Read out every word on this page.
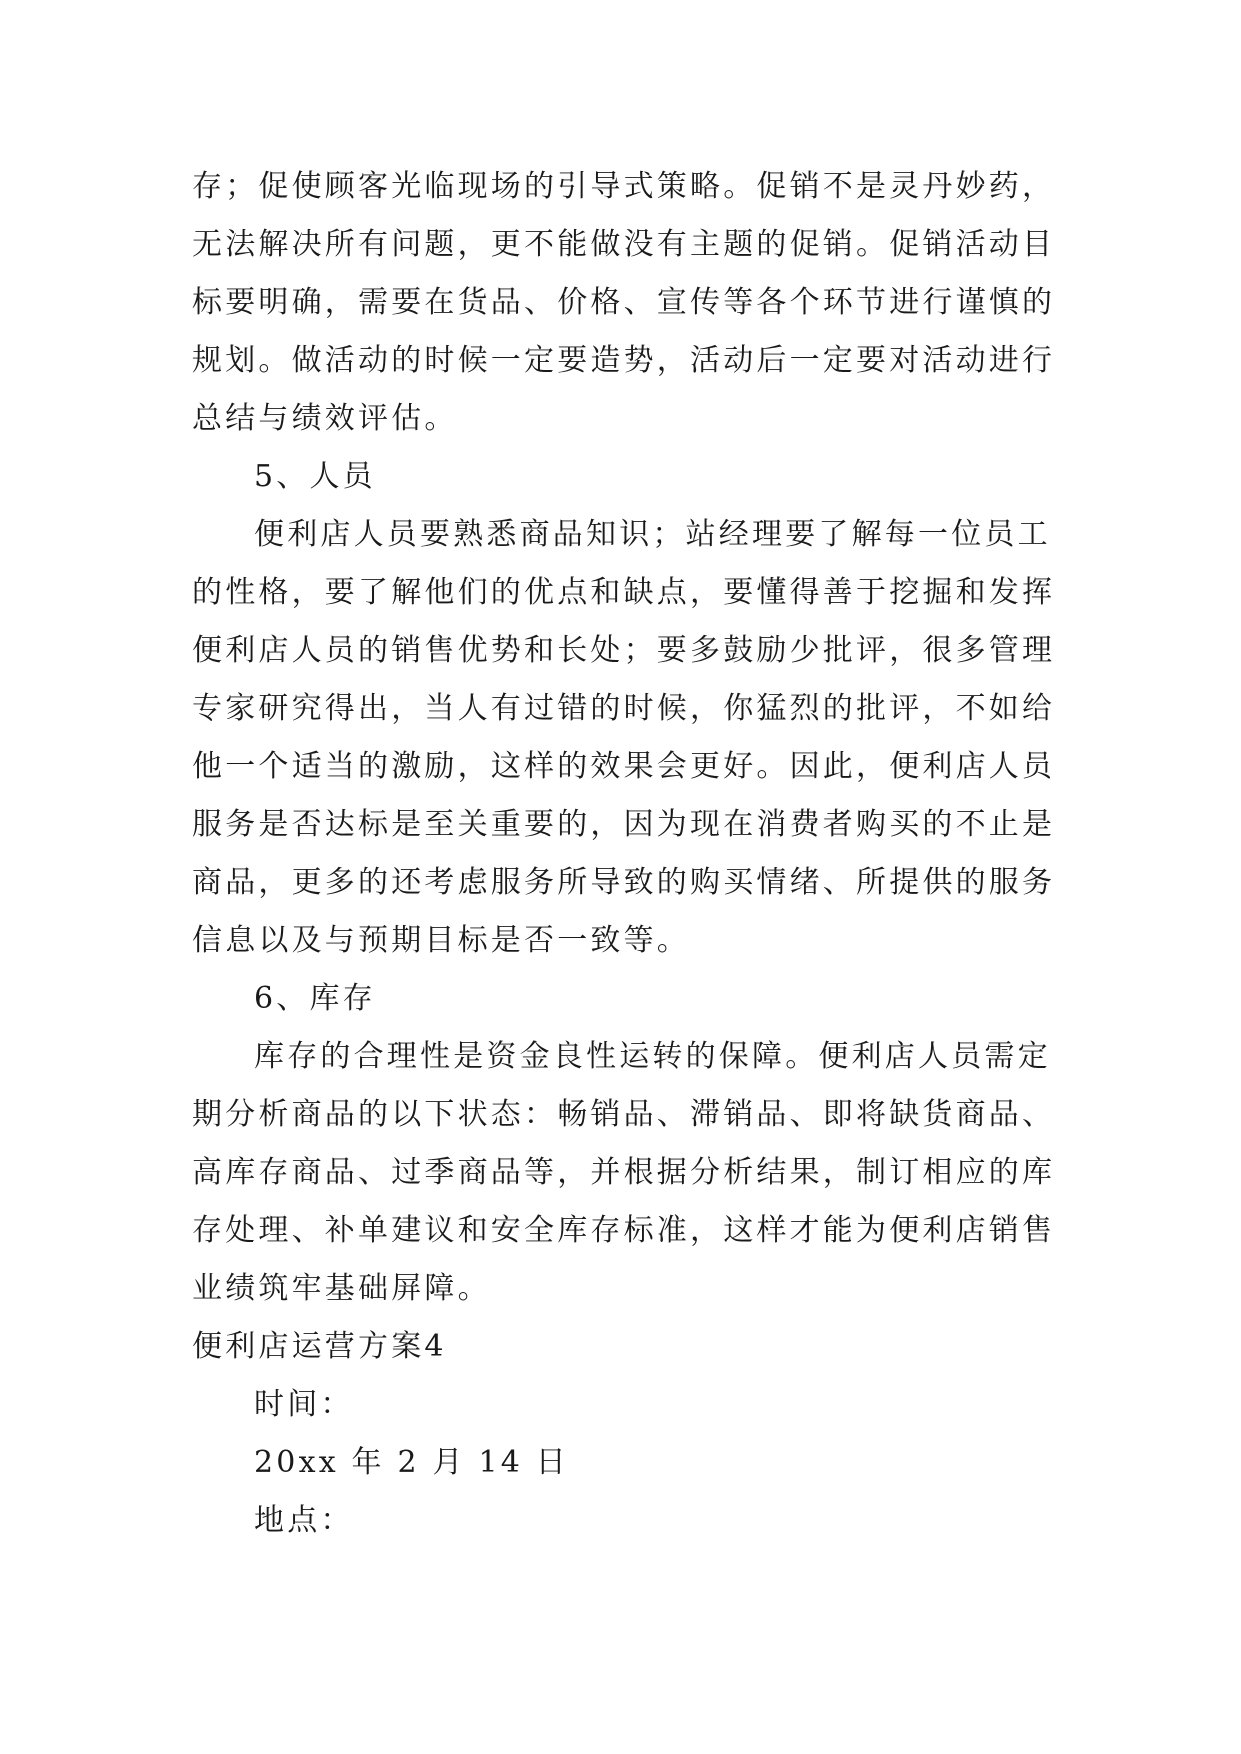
存；促使顾客光临现场的引导式策略。促销不是灵丹妙药，
无法解决所有问题，更不能做没有主题的促销。促销活动目
标要明确，需要在货品、价格、宣传等各个环节进行谨慎的
规划。做活动的时候一定要造势，活动后一定要对活动进行
总结与绩效评估。
5、人员
便利店人员要熟悉商品知识；站经理要了解每一位员工
的性格，要了解他们的优点和缺点，要懂得善于挖掘和发挥
便利店人员的销售优势和长处；要多鼓励少批评，很多管理
专家研究得出，当人有过错的时候，你猛烈的批评，不如给
他一个适当的激励，这样的效果会更好。因此，便利店人员
服务是否达标是至关重要的，因为现在消费者购买的不止是
商品，更多的还考虑服务所导致的购买情绪、所提供的服务
信息以及与预期目标是否一致等。
6、库存
库存的合理性是资金良性运转的保障。便利店人员需定
期分析商品的以下状态：畅销品、滞销品、即将缺货商品、
高库存商品、过季商品等，并根据分析结果，制订相应的库
存处理、补单建议和安全库存标准，这样才能为便利店销售
业绩筑牢基础屏障。
便利店运营方案4
时间：
20xx 年 2 月 14 日
地点：
